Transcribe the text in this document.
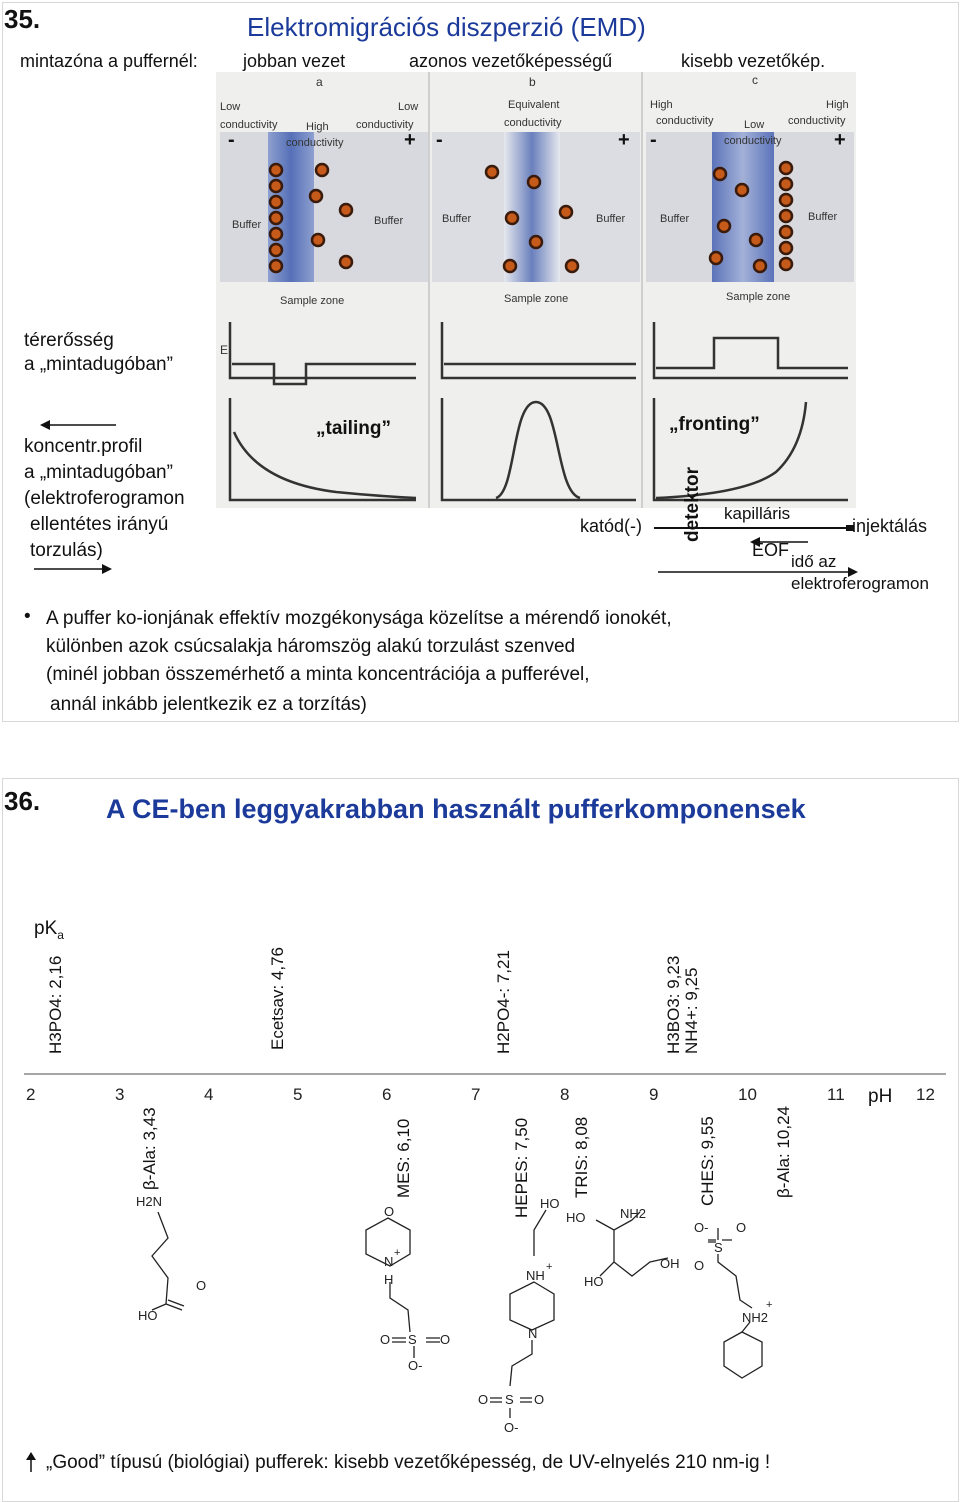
35.	Elektromigrációs diszperzió (EMD)
mintazóna a puffernél:	jobban vezet	azonos vezetőképességű	kisebb vezetőkép.
a	b	c
Low
conductivity
Low
conductivity
High
conductivity
Equivalent
conductivity
High
conductivity	Low
conductivity
High
conductivity
-	+ -	+ -	+
Buffer	Buffer	Buffer	Buffer	Buffer	Buffer
Sample zone	Sample zone	Sample zone
E
térerősség
a „mintadugóban”
koncentr.profil
a „mintadugóban”
(elektroferogramon
ellentétes irányú
torzulás)
„tailing”	„fronting”
detektor
katód(-)
kapilláris
injektálás
EOF
idő az
elektroferogramon
• A puffer ko-ionjának effektív mozgékonysága közelítse a mérendő ionokét,
különben azok csúcsalakja háromszög alakú torzulást szenved
(minél jobban összemérhető a minta koncentrációja a pufferével,
annál inkább jelentkezik ez a torzítás)
36. A CE-ben leggyakrabban használt pufferkomponensek
$pK_a$
H3PO4: 2,16	Ecetsav: 4,76	H2PO4-: 7,21	H3BO3: 9,23 NH4+: 9,25
2	3	4	5	6	7	8	9	10	11	12
pH
β-Ala: 3,43	MES: 6,10	HEPES: 7,50 TRIS: 8,08	CHES: 9,55	β-Ala: 10,24
H2N
HO
O
O
N
H
+
S
O	O
O-
HO
NH
+
N
S
O	O
O-
HO	NH2
HO
OH
O- O
S
O
NH2
+
„Good” típusú (biológiai) pufferek: kisebb vezetőképesség, de UV-elnyelés 210 nm-ig !
